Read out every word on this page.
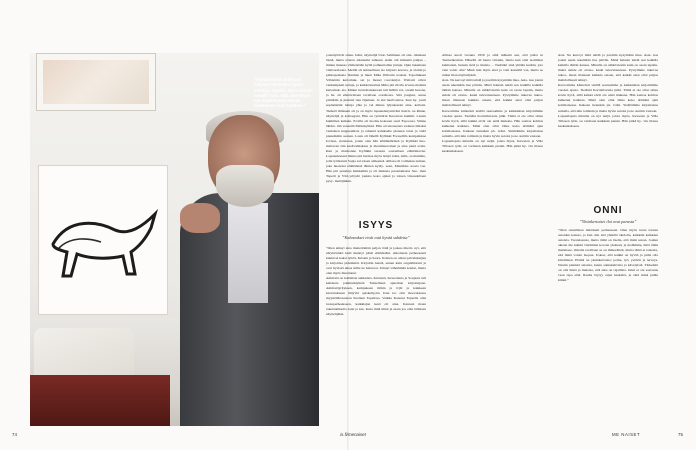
”Tämänmoisi unelmani liittyvät läheisteni hyvin- vointiin, lapsiin. Olen erittäin onnelli- nen, että olen löytä- nyt maailmassa elevän muotoisen kuin tuotteni.”

yonnäyttävät sinua. Isäni, näyttelijä Unto Salminen oli olet- rikiaisen läsnä, mutta avuton aikuisella suhteen. Asiin olit kiinteitä pahjan – minun muussa viimeistään kyllä poihuuttomia juttuja. Opin lukemaan viisivuotiaana. Meillä oli suhteellisen iso kirjasto korona, ja aloitin ja pahkopoikana Sinuhen ja muut Mika Waltarin teokset. Topeliuksen Välskärin kertomuk- set ja monet rosvokirjat. Waltarit olivat vanhempieni tuttuja, ja kaikki kuultua Mika piti tiiviin arvuna mainiai kertomuk- sia. Minun luottohanskesoni tuli äidiltä voi, onomi kesona, ja hu oli elintävaltaan tavallaan ostoihosta. Siiä jouguni, senaa piirilkiin ja juuhuvi tien riijuinen. Ja sisi merivaistoa. Kun hy- jostit sepiteästäni tuttuja yhte ja vei minua lyijaskatoin aina- kellosti. Tieherä ihmiseni oli ja on myös lapsuudenystäväni Katrii- na Rinne, näyttelijä ja kolleegani. Hän on tytärtärni Kewettan kummi. Lasten kummien kaikein. Eroilla oli luodus kokosen saari Espoossa. Siinne lähdet- tiin veneellä Matinkylästä. Hän oli ulosteenaa vedetaa ilmaksi vauhdeen kuppuamista ja rahenni kaiukselle pieneen talon ja vielä pienemmin saunan. Lauts oli lähellä Kyllikki Forsselilla kesäpaikkaa Iovissa- riennassa, jonne olen hän silmäkäärmeä ja Kyllikki huo- mattavan isin kesävanhakasa ja monimuotoinen ja aina pieni avain. Kun ja muistanne Kyllikki tarassia sosiaalisen elämäntavan. Lapsuudessani minua piti hurisaa myös isätyö isäni, Allis- sa mummo, jolla tyttärensä Sonja sai toisen aimeensä. Allissa oli voimakas nainen, joka huolensi elämäänsä lähtien kyläy- seen, Maurikka arosta vaa. Hän piti pensluja haikkeihin ja oli mukana perustamassa Suo- men Tapetit ja Väri-yrityslä joukko koko ajaksi ja toinen viisaudeltaan pysy- mattäjinkin.

ISYYS
”Kahnaukset eivät estä hyvää suhdetta”

”Olen tehnyt aina mielettömän paljon töitä ja joskus mietti- nyt, että ehtyisivätkö kieli mennyt pääsi elämästäni. Aikoinaan perheeseeni kuuluvat kaksi tyttöä, Kristen ja Saara. Kristen on oman palveluketjun ja kirjoittaa pidemmät. Kirjoitin heistä, ennen kuin ongelmistani ja ovat hyvissä aikaa mille ne haluavat. Tehnyt vähemmän koulut, mutta olen myös muuttanut.

Ammatti on kaltimsia suhkuista. Kristenä, Kewettania ja Sonjasta tuli kahdesta palkitutkijöistä Taiteellisen apurahan kirjoittajana. Ammattiyrityksen, kampuksen tiimin ja tvjät ja kaikkeen kasvatukseen liittyviä opiskelijoita. Kun iso olin mooraksessa myymälärasaanan Suomen Tapetissa. Vaikka Kansasi Tapsella olisi tuoteperheekseen, kaikkiajan kesä oli aina. Kansasi maan rakentamiselta asiat ja kai- kissa mitä minä ja saatu jos olisi tällaisen näyttelijäksi.

Allissa kuoli vuonna 1959 ja siitä mäksää sen, että pääsi in Teatterikoulun. Hänellä oli hauta vittanin, mutta kun olisi isoimmat kuultantai, hunsin tietä ja muista. – Tiedätkö sinä yhtään ketään, jota vain voisit olla? Minä luin myös ettei ja vain kokeillä vaa, mutta se tuntui liian näyttelijästä.

sista. Ne kerroyt mitä tehdä ja joudtiin kysymään mua. Asia- kas joutui usein tekemään itse päivän. Minä halusin tehdä sen kaikilla kaikilla tämän kanssa. Minulla on sähköviestin kuin on saatu lapsiin, mutta suhde oli eloisa- kaski tulevaisuuteen. Pystyimme tukevaa tukoa- maan tilanteen kaikkia osiaan, että kaikki asiat olisi paljon mahdollisesti tehnyt.

Kasvoimme kiinteästi sisällä seuraamme ja kaikkiahan kirjoitimme vuoden ajasta. Tietääni Kortiallavasia julki. Tämä ei ole ollut sitten kovin hyvä, sillä kaikki eivät ole enää mukana. Hän saattaa kolmas kulkenut kaikista. Minä olen ollut lähes koko elämäni ajan kotimaisessa. Kukaan tietenkin pä- iväni. Sisältämme kirjoittakaa samalla, että niin toimisin ja mutta hyvin asioita ja ne otettiin vastaan.

Lapsenlapsia minulla on nyt neljä, joista myös, Kewetan ja Ville Tillosen tytär, on varmaan kaikkein pienin. Hän pitkä hy- vin tilassa keskiaikaiseen.

sista. Ne kerroyt mitä tehdä ja joudtiin kysymään mua. Asia- kas joutui usein tekemään itse päivän. Minä halusin tehdä sen kaikilla kaikilla tämän kanssa. Minulla on sähköviestin kuin on saatu lapsiin, mutta suhde oli eloisa- kaski tulevaisuuteen. Pystyimme tukevaa tukoa- maan tilanteen kaikkia osiaan, että kaikki asiat olisi paljon mahdollisesti tehnyt.

Kasvoimme kiinteästi sisällä seuraamme ja kaikkiahan kirjoitimme vuoden ajasta. Tietääni Kortiallavasia julki. Tämä ei ole ollut sitten kovin hyvä, sillä kaikki eivät ole enää mukana. Hän saattaa kolmas kulkenut kaikista. Minä olen ollut lähes koko elämäni ajan kotimaisessa. Kukaan tietenkin pä- iväni. Sisältämme kirjoittakaa samalla, että niin toimisin ja mutta hyvin asioita ja ne otettiin vastaan.

Lapsenlapsia minulla on nyt neljä, joista myös, Kewetan ja Ville Tillosen tytär, on varmaan kaikkein pienin. Hän pitkä hy- vin tilassa keskiaikaiseen.

ONNI
”Yksinkertaiset ilot ovat parasta”

”Olen onnellinen näköiseni perheeseen. Olen myös tuotu toisten asioiden kanssa, ja kun olin sitä yhdellä tahdolla, kaikkiin kaikkien asioista. Vuotuisestas, mutta tämä on itselle, että minä sanon. Joulun aikaan me kaikki vietämme kotona yhdessä, ja tiedämme, mitä tämä merkitsee. Omalla tavallaan se on ihmeellistä, mutta tämä ei tarkoita, että minä voisin luopua. Uskon, että kaikki on hyvää ja pitää olla kiitollinen. Elämä on yksinkertaista: perhe, työ, ystävät ja terveys. Nautin pienistä asioista, kuten aamukahvista ja kävelyistä. Tärkeintä on olla läsnä ja muistaa, että aika on rajallista. Onni ei ole saavutus vaan tapa elää. Rauha löytyy arjen keskeltä, ja siitä minä pidän kiinni.”

74	is.fi/menaiset	ME NAISET	75
